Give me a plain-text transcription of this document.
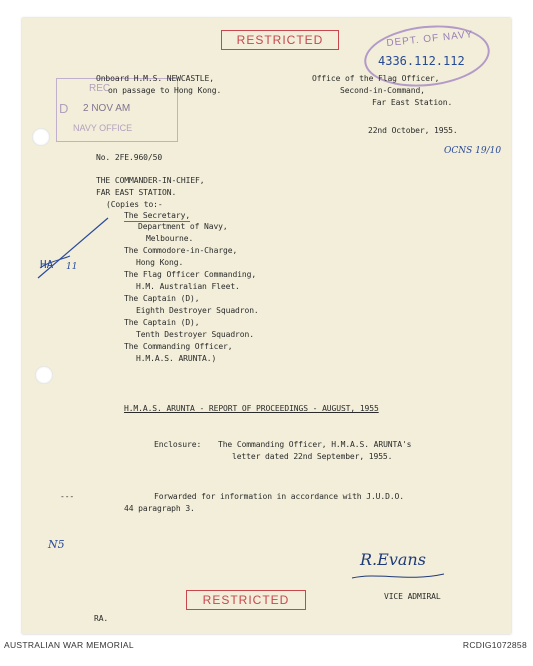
RESTRICTED	DEPT. OF NAVY
4336.112.112
REC
D 2 NOV AM
NAVY OFFICE
Onboard H.M.S. NEWCASTLE,
on passage to Hong Kong.
Office of the Flag Officer,
Second-in-Command,
Far East Station.
22nd October, 1955.
No. 2FE.960/50
OCNS 19/10
THE COMMANDER-IN-CHIEF,
FAR EAST STATION.
(Copies to:-
The Secretary,
Department of Navy,
Melbourne.
The Commodore-in-Charge,
Hong Kong.
The Flag Officer Commanding,
H.M. Australian Fleet.
The Captain (D),
Eighth Destroyer Squadron.
The Captain (D),
Tenth Destroyer Squadron.
The Commanding Officer,
H.M.A.S. ARUNTA.)
HA 11
H.M.A.S. ARUNTA - REPORT OF PROCEEDINGS - AUGUST, 1955
Enclosure: The Commanding Officer, H.M.A.S. ARUNTA's
letter dated 22nd September, 1955.
---	Forwarded for information in accordance with J.U.D.O.
44 paragraph 3.
N5
R.Evans
VICE ADMIRAL
RESTRICTED
RA.
AUSTRALIAN WAR MEMORIAL	RCDIG1072858
